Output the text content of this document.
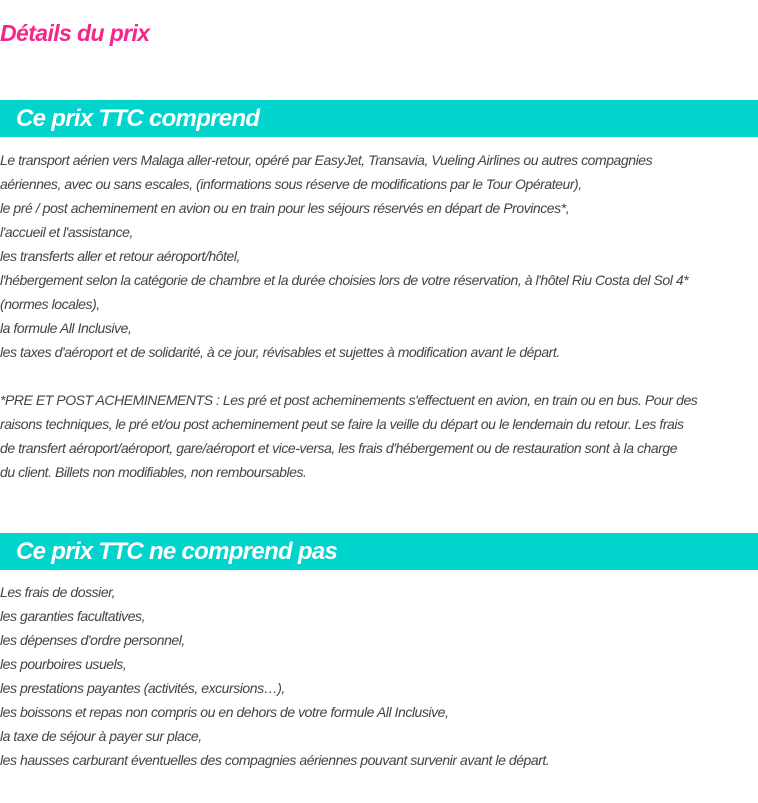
Détails du prix
Ce prix TTC comprend
Le transport aérien vers Malaga aller-retour, opéré par EasyJet, Transavia, Vueling Airlines ou autres compagnies
aériennes, avec ou sans escales, (informations sous réserve de modifications par le Tour Opérateur),
le pré / post acheminement en avion ou en train pour les séjours réservés en départ de Provinces*,
l'accueil et l'assistance,
les transferts aller et retour aéroport/hôtel,
l'hébergement selon la catégorie de chambre et la durée choisies lors de votre réservation, à l'hôtel Riu Costa del Sol 4*
(normes locales),
la formule All Inclusive,
les taxes d'aéroport et de solidarité, à ce jour, révisables et sujettes à modification avant le départ.
*PRE ET POST ACHEMINEMENTS : Les pré et post acheminements s'effectuent en avion, en train ou en bus. Pour des
raisons techniques, le pré et/ou post acheminement peut se faire la veille du départ ou le lendemain du retour. Les frais
de transfert aéroport/aéroport, gare/aéroport et vice-versa, les frais d'hébergement ou de restauration sont à la charge
du client. Billets non modifiables, non remboursables.
Ce prix TTC ne comprend pas
Les frais de dossier,
les garanties facultatives,
les dépenses d'ordre personnel,
les pourboires usuels,
les prestations payantes (activités, excursions…),
les boissons et repas non compris ou en dehors de votre formule All Inclusive,
la taxe de séjour à payer sur place,
les hausses carburant éventuelles des compagnies aériennes pouvant survenir avant le départ.
